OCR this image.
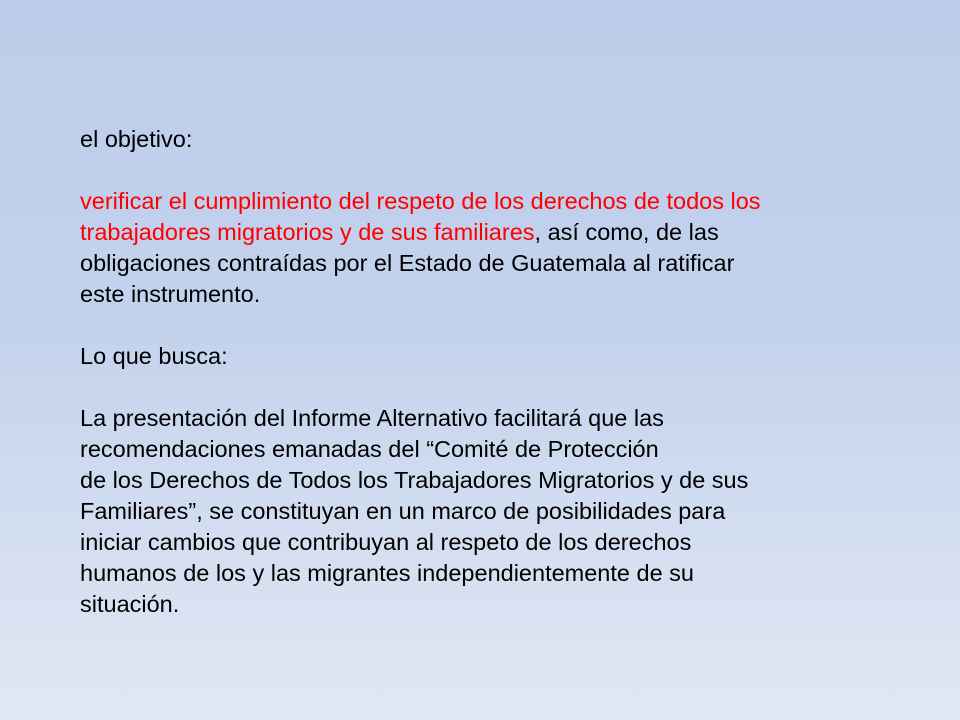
el objetivo:

verificar el cumplimiento del respeto de los derechos de todos los
trabajadores migratorios y de sus familiares, así como, de las
obligaciones contraídas por el Estado de Guatemala al ratificar
este instrumento.

Lo que busca:

La presentación del Informe Alternativo facilitará que las
recomendaciones emanadas del “Comité de Protección
de los Derechos de Todos los Trabajadores Migratorios y de sus
Familiares”, se constituyan en un marco de posibilidades para
iniciar cambios que contribuyan al respeto de los derechos
humanos de los y las migrantes independientemente de su
situación.
